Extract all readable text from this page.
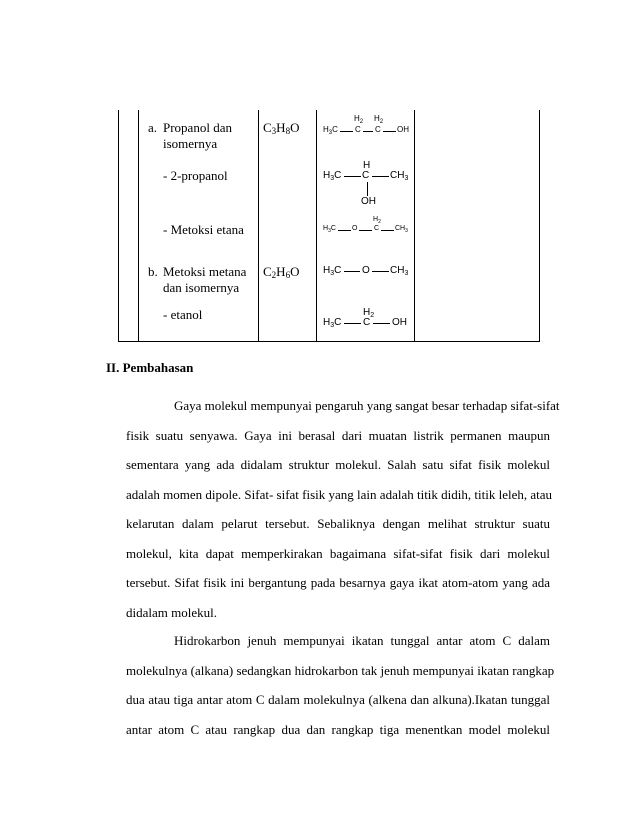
a. Propanol dan
isomernya
- 2-propanol
- Metoksi etana
$C_3H_8O$
b. Metoksi metana
dan isomernya
- etanol
$C_2H_6O$
$H_3C$
$H_2$
C
$H_2$
C OH
H
$H_3C$ C $CH_3$
OH
$H_3C$ O
$H_2$
C $CH_3$
$H_3C$ O $CH_3$
$H_2$
$H_3C$ C OH
II. Pembahasan
Gaya molekul mempunyai pengaruh yang sangat besar terhadap sifat-sifat
fisik suatu senyawa. Gaya ini berasal dari muatan listrik permanen maupun
sementara yang ada didalam struktur molekul. Salah satu sifat fisik molekul
adalah momen dipole. Sifat- sifat fisik yang lain adalah titik didih, titik leleh, atau
kelarutan dalam pelarut tersebut. Sebaliknya dengan melihat struktur suatu
molekul, kita dapat memperkirakan bagaimana sifat-sifat fisik dari molekul
tersebut. Sifat fisik ini bergantung pada besarnya gaya ikat atom-atom yang ada
didalam molekul.
Hidrokarbon jenuh mempunyai ikatan tunggal antar atom C dalam
molekulnya (alkana) sedangkan hidrokarbon tak jenuh mempunyai ikatan rangkap
dua atau tiga antar atom C dalam molekulnya (alkena dan alkuna).Ikatan tunggal
antar atom C atau rangkap dua dan rangkap tiga menentkan model molekul
